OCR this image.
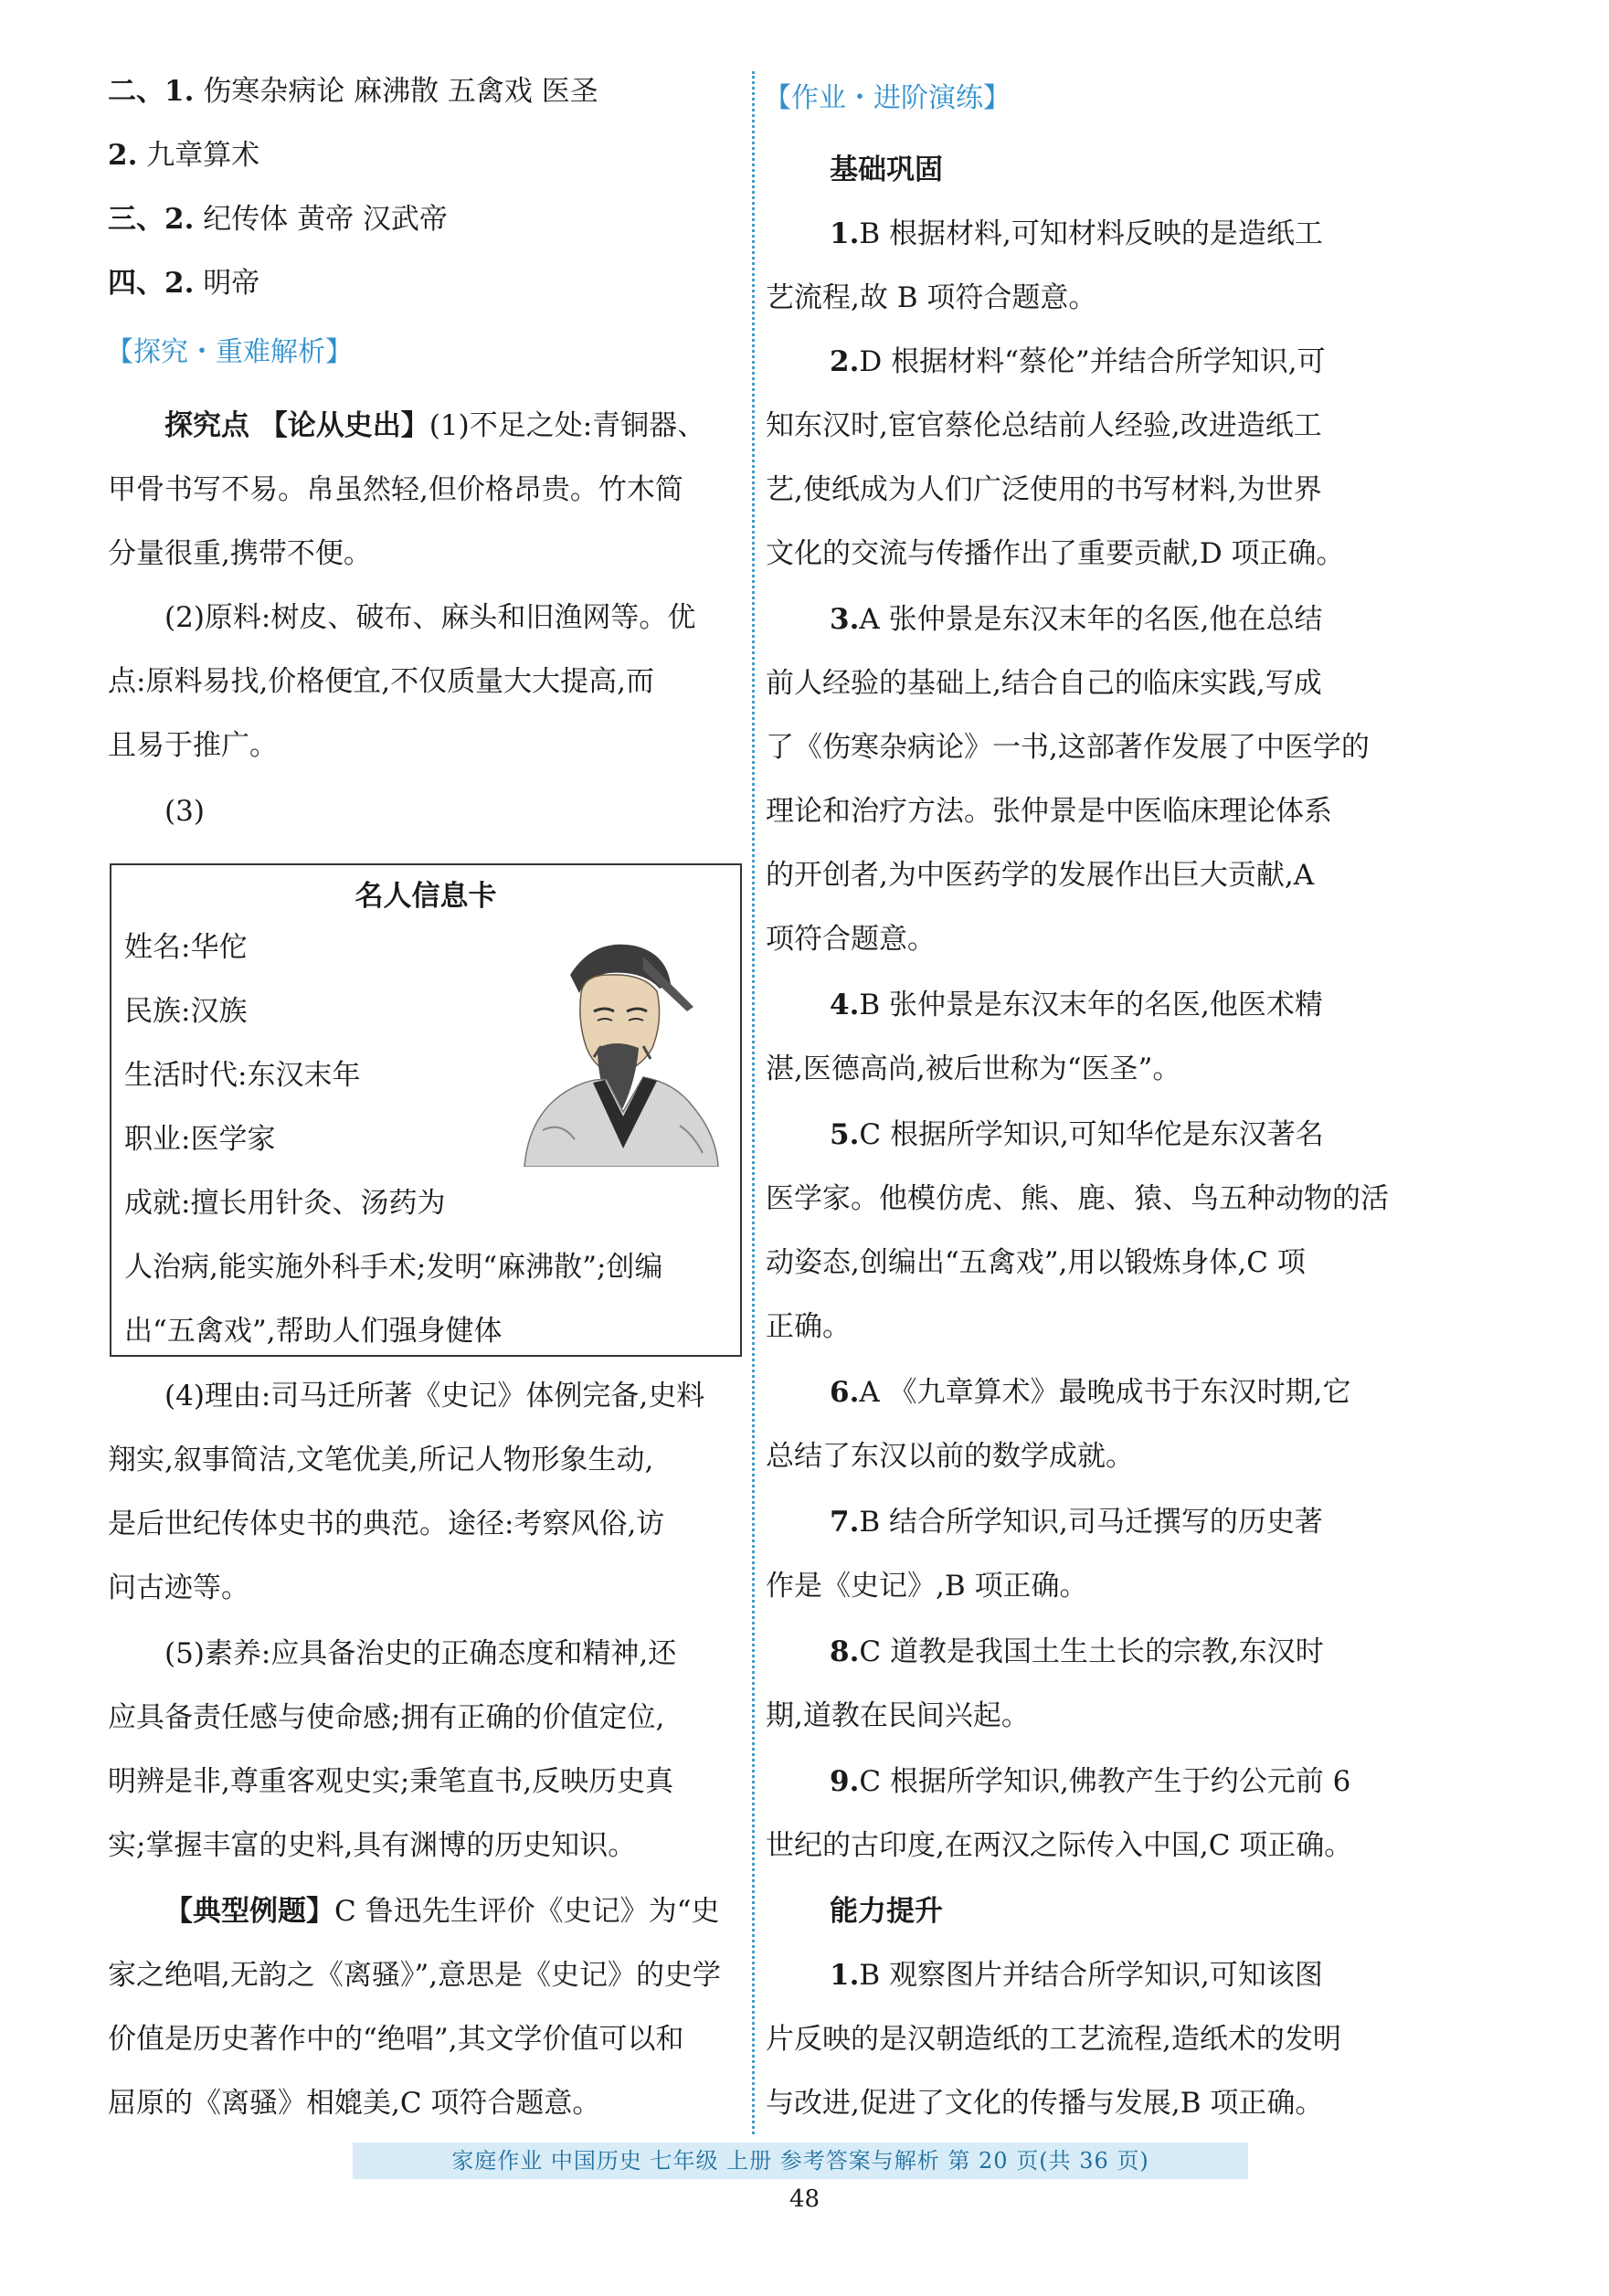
二、1. 伤寒杂病论 麻沸散 五禽戏 医圣
2. 九章算术
三、2. 纪传体 黄帝 汉武帝
四、2. 明帝
【探究・重难解析】
探究点 【论从史出】(1)不足之处:青铜器、
甲骨书写不易。帛虽然轻,但价格昂贵。竹木简
分量很重,携带不便。
(2)原料:树皮、破布、麻头和旧渔网等。优
点:原料易找,价格便宜,不仅质量大大提高,而
且易于推广。
(3)
名人信息卡
姓名:华佗
民族:汉族
生活时代:东汉末年
职业:医学家
成就:擅长用针灸、汤药为
人治病,能实施外科手术;发明“麻沸散”;创编
出“五禽戏”,帮助人们强身健体
(4)理由:司马迁所著《史记》体例完备,史料
翔实,叙事简洁,文笔优美,所记人物形象生动,
是后世纪传体史书的典范。途径:考察风俗,访
问古迹等。
(5)素养:应具备治史的正确态度和精神,还
应具备责任感与使命感;拥有正确的价值定位,
明辨是非,尊重客观史实;秉笔直书,反映历史真
实;掌握丰富的史料,具有渊博的历史知识。
【典型例题】C 鲁迅先生评价《史记》为“史
家之绝唱,无韵之《离骚》”,意思是《史记》的史学
价值是历史著作中的“绝唱”,其文学价值可以和
屈原的《离骚》相媲美,C 项符合题意。
【作业・进阶演练】
基础巩固
1.B 根据材料,可知材料反映的是造纸工
艺流程,故 B 项符合题意。
2.D 根据材料“蔡伦”并结合所学知识,可
知东汉时,宦官蔡伦总结前人经验,改进造纸工
艺,使纸成为人们广泛使用的书写材料,为世界
文化的交流与传播作出了重要贡献,D 项正确。
3.A 张仲景是东汉末年的名医,他在总结
前人经验的基础上,结合自己的临床实践,写成
了《伤寒杂病论》一书,这部著作发展了中医学的
理论和治疗方法。张仲景是中医临床理论体系
的开创者,为中医药学的发展作出巨大贡献,A
项符合题意。
4.B 张仲景是东汉末年的名医,他医术精
湛,医德高尚,被后世称为“医圣”。
5.C 根据所学知识,可知华佗是东汉著名
医学家。他模仿虎、熊、鹿、猿、鸟五种动物的活
动姿态,创编出“五禽戏”,用以锻炼身体,C 项
正确。
6.A 《九章算术》最晚成书于东汉时期,它
总结了东汉以前的数学成就。
7.B 结合所学知识,司马迁撰写的历史著
作是《史记》,B 项正确。
8.C 道教是我国土生土长的宗教,东汉时
期,道教在民间兴起。
9.C 根据所学知识,佛教产生于约公元前 6
世纪的古印度,在两汉之际传入中国,C 项正确。
能力提升
1.B 观察图片并结合所学知识,可知该图
片反映的是汉朝造纸的工艺流程,造纸术的发明
与改进,促进了文化的传播与发展,B 项正确。
家庭作业 中国历史 七年级 上册 参考答案与解析 第 20 页(共 36 页)
48
